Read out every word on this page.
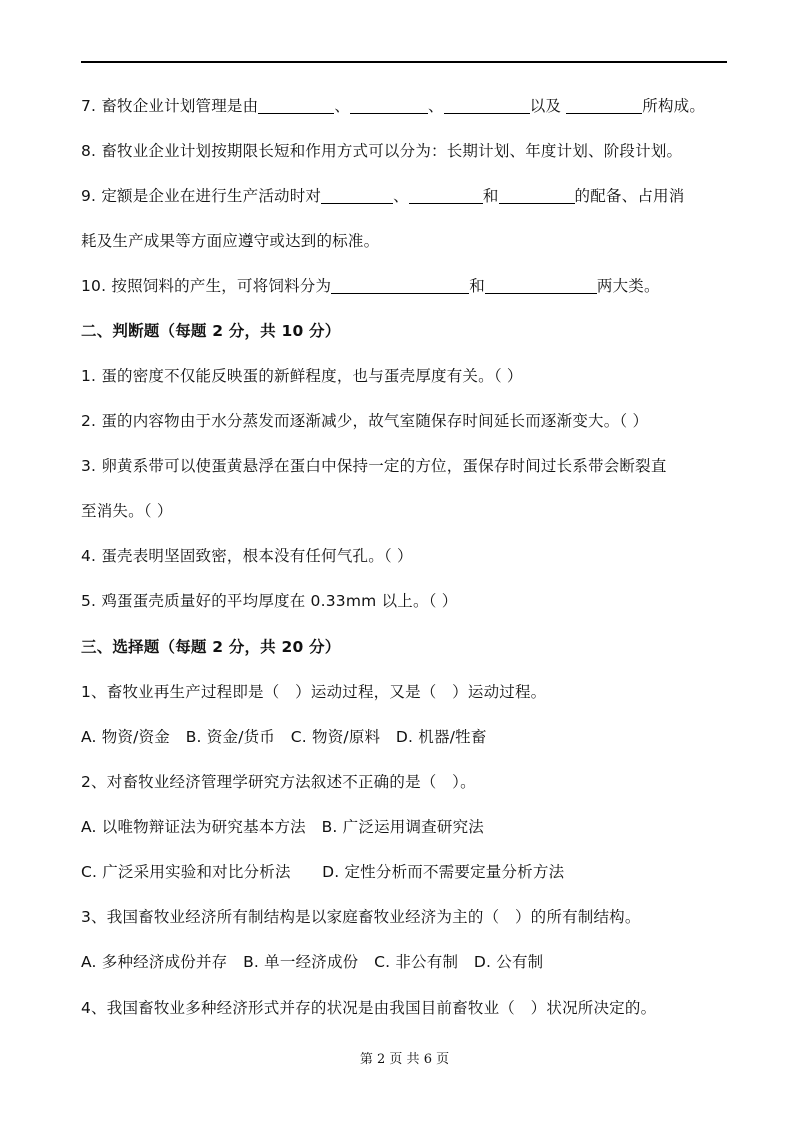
7. 畜牧企业计划管理是由	、	、	以及	所构成。
8. 畜牧业企业计划按期限长短和作用方式可以分为：长期计划、年度计划、阶段计划。
9. 定额是企业在进行生产活动时对	、	和	的配备、占用消
耗及生产成果等方面应遵守或达到的标准。
10. 按照饲料的产生，可将饲料分为	和	两大类。
二、判断题（每题 2 分，共 10 分）
1. 蛋的密度不仅能反映蛋的新鲜程度，也与蛋壳厚度有关。（ ）
2. 蛋的内容物由于水分蒸发而逐渐减少，故气室随保存时间延长而逐渐变大。（ ）
3. 卵黄系带可以使蛋黄悬浮在蛋白中保持一定的方位，蛋保存时间过长系带会断裂直
至消失。（ ）
4. 蛋壳表明坚固致密，根本没有任何气孔。（ ）
5. 鸡蛋蛋壳质量好的平均厚度在 0.33mm 以上。（ ）
三、选择题（每题 2 分，共 20 分）
1、畜牧业再生产过程即是（　）运动过程，又是（　）运动过程。
A. 物资/资金　B. 资金/货币　C. 物资/原料　D. 机器/牲畜
2、对畜牧业经济管理学研究方法叙述不正确的是（　）。
A. 以唯物辩证法为研究基本方法　B. 广泛运用调查研究法
C. 广泛采用实验和对比分析法　　D. 定性分析而不需要定量分析方法
3、我国畜牧业经济所有制结构是以家庭畜牧业经济为主的（　）的所有制结构。
A. 多种经济成份并存　B. 单一经济成份　C. 非公有制　D. 公有制
4、我国畜牧业多种经济形式并存的状况是由我国目前畜牧业（　）状况所决定的。
第 2 页 共 6 页
